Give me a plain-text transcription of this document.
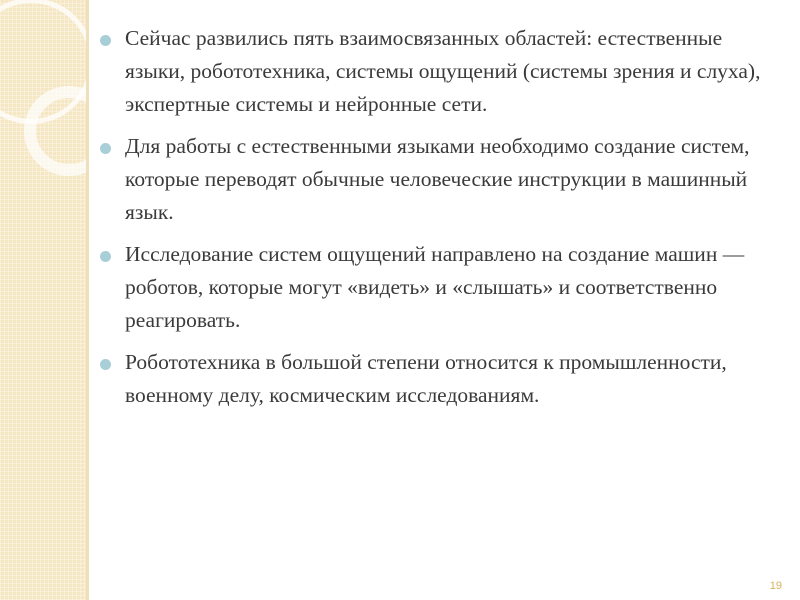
Сейчас развились пять взаимосвязанных областей: естественные языки, робототехника, системы ощущений (системы зрения и слуха), экспертные системы и нейронные сети.
Для работы с естественными языками необходимо создание систем, которые переводят обычные человеческие инструкции в машинный язык.
Исследование систем ощущений направлено на создание машин — роботов, которые могут «видеть» и «слышать» и соответственно реагировать.
Робототехника в большой степени относится к промышленности, военному делу, космическим исследованиям.
19
